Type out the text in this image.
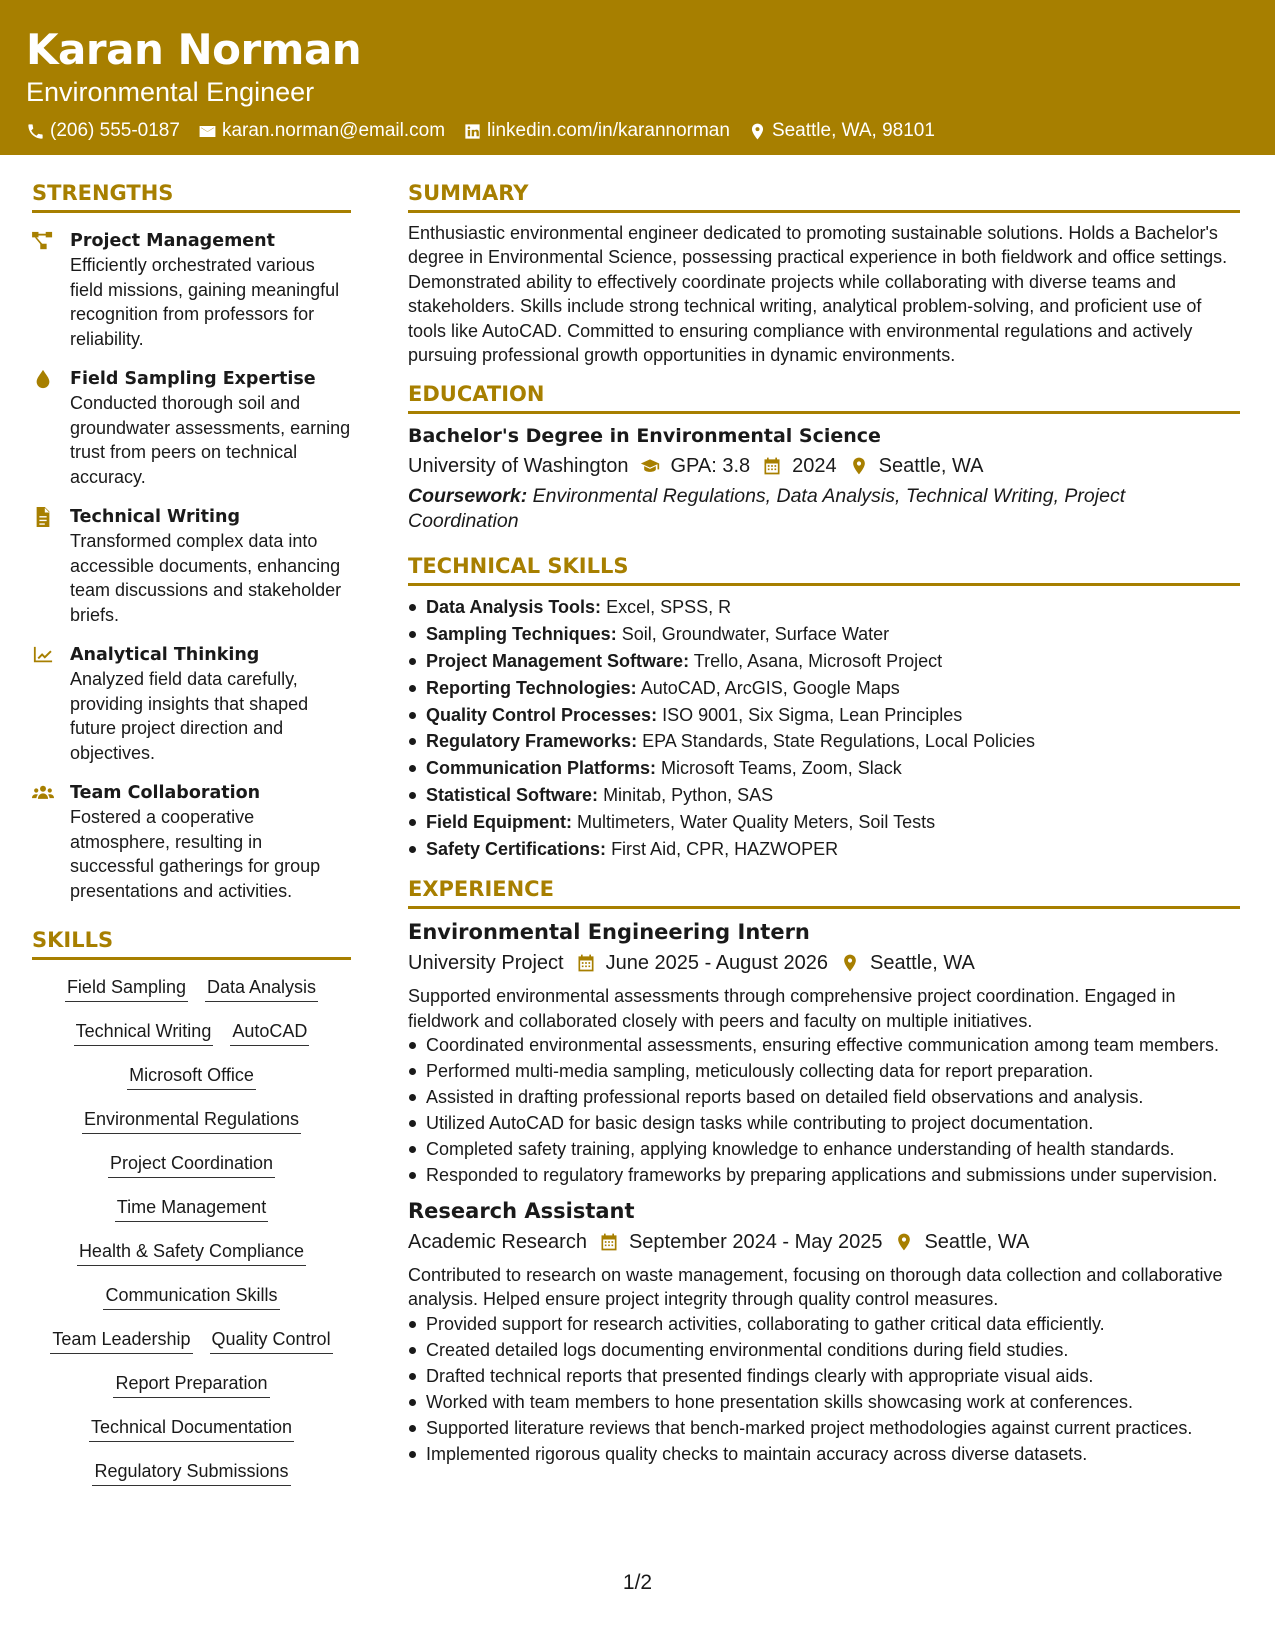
Karan Norman
Environmental Engineer
(206) 555-0187 karan.norman@email.com linkedin.com/in/karannorman Seattle, WA, 98101
STRENGTHS
Project Management
Efficiently orchestrated various field missions, gaining meaningful recognition from professors for reliability.
Field Sampling Expertise
Conducted thorough soil and groundwater assessments, earning trust from peers on technical accuracy.
Technical Writing
Transformed complex data into accessible documents, enhancing team discussions and stakeholder briefs.
Analytical Thinking
Analyzed field data carefully, providing insights that shaped future project direction and objectives.
Team Collaboration
Fostered a cooperative atmosphere, resulting in successful gatherings for group presentations and activities.
SKILLS
Field Sampling Data Analysis
Technical Writing AutoCAD
Microsoft Office
Environmental Regulations
Project Coordination
Time Management
Health & Safety Compliance
Communication Skills
Team Leadership Quality Control
Report Preparation
Technical Documentation
Regulatory Submissions
SUMMARY
Enthusiastic environmental engineer dedicated to promoting sustainable solutions. Holds a Bachelor's degree in Environmental Science, possessing practical experience in both fieldwork and office settings. Demonstrated ability to effectively coordinate projects while collaborating with diverse teams and stakeholders. Skills include strong technical writing, analytical problem-solving, and proficient use of tools like AutoCAD. Committed to ensuring compliance with environmental regulations and actively pursuing professional growth opportunities in dynamic environments.
EDUCATION
Bachelor's Degree in Environmental Science
University of Washington GPA: 3.8 2024 Seattle, WA
Coursework: Environmental Regulations, Data Analysis, Technical Writing, Project Coordination
TECHNICAL SKILLS
Data Analysis Tools: Excel, SPSS, R
Sampling Techniques: Soil, Groundwater, Surface Water
Project Management Software: Trello, Asana, Microsoft Project
Reporting Technologies: AutoCAD, ArcGIS, Google Maps
Quality Control Processes: ISO 9001, Six Sigma, Lean Principles
Regulatory Frameworks: EPA Standards, State Regulations, Local Policies
Communication Platforms: Microsoft Teams, Zoom, Slack
Statistical Software: Minitab, Python, SAS
Field Equipment: Multimeters, Water Quality Meters, Soil Tests
Safety Certifications: First Aid, CPR, HAZWOPER
EXPERIENCE
Environmental Engineering Intern
University Project June 2025 - August 2026 Seattle, WA
Supported environmental assessments through comprehensive project coordination. Engaged in fieldwork and collaborated closely with peers and faculty on multiple initiatives.
Coordinated environmental assessments, ensuring effective communication among team members.
Performed multi-media sampling, meticulously collecting data for report preparation.
Assisted in drafting professional reports based on detailed field observations and analysis.
Utilized AutoCAD for basic design tasks while contributing to project documentation.
Completed safety training, applying knowledge to enhance understanding of health standards.
Responded to regulatory frameworks by preparing applications and submissions under supervision.
Research Assistant
Academic Research September 2024 - May 2025 Seattle, WA
Contributed to research on waste management, focusing on thorough data collection and collaborative analysis. Helped ensure project integrity through quality control measures.
Provided support for research activities, collaborating to gather critical data efficiently.
Created detailed logs documenting environmental conditions during field studies.
Drafted technical reports that presented findings clearly with appropriate visual aids.
Worked with team members to hone presentation skills showcasing work at conferences.
Supported literature reviews that bench-marked project methodologies against current practices.
Implemented rigorous quality checks to maintain accuracy across diverse datasets.
1/2
